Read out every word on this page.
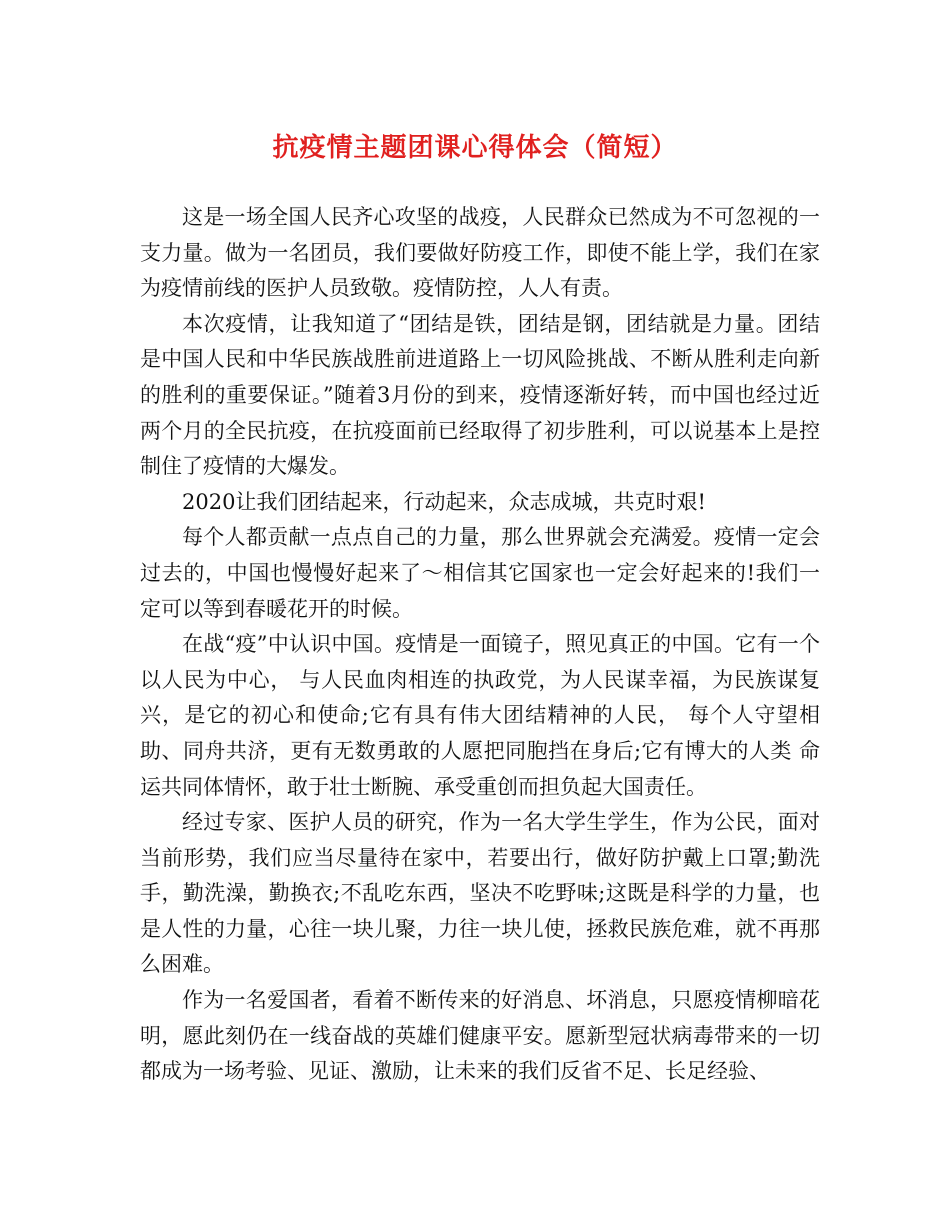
抗疫情主题团课心得体会（简短）

这是一场全国人民齐心攻坚的战疫，人民群众已然成为不可忽视的一支力量。做为一名团员，我们要做好防疫工作，即使不能上学，我们在家为疫情前线的医护人员致敬。疫情防控，人人有责。

本次疫情，让我知道了“团结是铁，团结是钢，团结就是力量。团结是中国人民和中华民族战胜前进道路上一切风险挑战、不断从胜利走向新的胜利的重要保证。”随着3月份的到来，疫情逐渐好转，而中国也经过近两个月的全民抗疫，在抗疫面前已经取得了初步胜利，可以说基本上是控制住了疫情的大爆发。

2020让我们团结起来，行动起来，众志成城，共克时艰!

每个人都贡献一点点自己的力量，那么世界就会充满爱。疫情一定会过去的，中国也慢慢好起来了～相信其它国家也一定会好起来的!我们一定可以等到春暖花开的时候。

在战“疫”中认识中国。疫情是一面镜子，照见真正的中国。它有一个以人民为中心， 与人民血肉相连的执政党，为人民谋幸福，为民族谋复兴，是它的初心和使命;它有具有伟大团结精神的人民， 每个人守望相助、同舟共济，更有无数勇敢的人愿把同胞挡在身后;它有博大的人类 命运共同体情怀，敢于壮士断腕、承受重创而担负起大国责任。

经过专家、医护人员的研究，作为一名大学生学生，作为公民，面对当前形势，我们应当尽量待在家中，若要出行，做好防护戴上口罩;勤洗手，勤洗澡，勤换衣;不乱吃东西，坚决不吃野味;这既是科学的力量，也是人性的力量，心往一块儿聚，力往一块儿使，拯救民族危难，就不再那么困难。

作为一名爱国者，看着不断传来的好消息、坏消息，只愿疫情柳暗花明，愿此刻仍在一线奋战的英雄们健康平安。愿新型冠状病毒带来的一切都成为一场考验、见证、激励，让未来的我们反省不足、长足经验、
